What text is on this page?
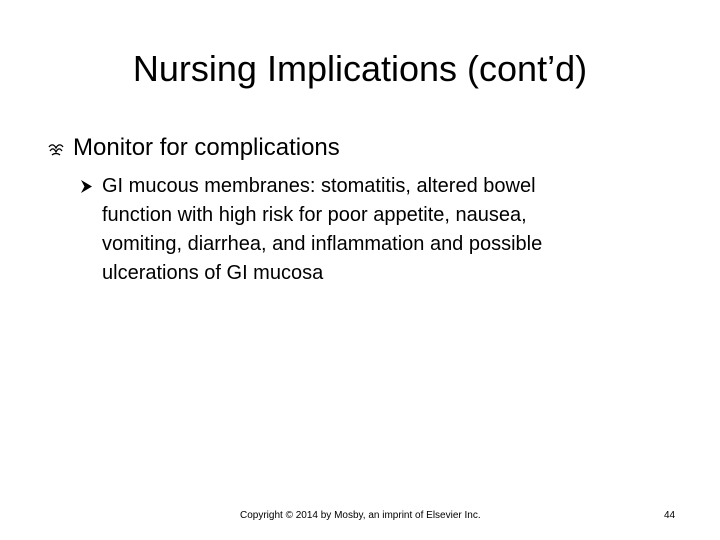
Nursing Implications (cont’d)
Monitor for complications
GI mucous membranes: stomatitis, altered bowel
function with high risk for poor appetite, nausea,
vomiting, diarrhea, and inflammation and possible
ulcerations of GI mucosa
Copyright © 2014 by Mosby, an imprint of Elsevier Inc.	44
